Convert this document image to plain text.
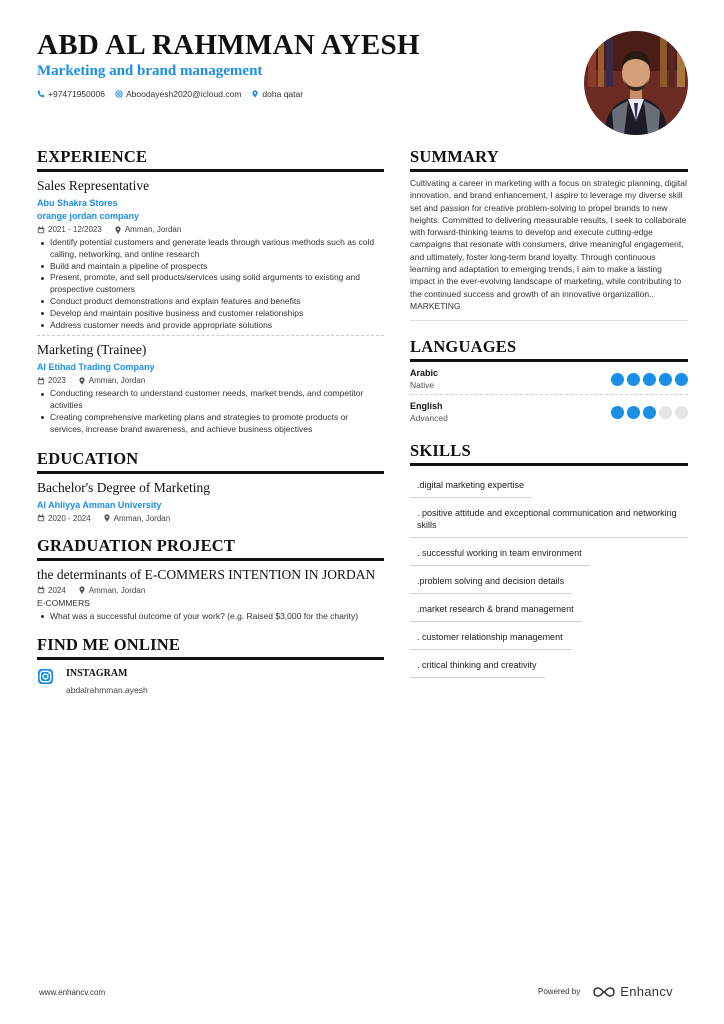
ABD AL RAHMMAN AYESH
Marketing and brand management
+97471950006 Aboodayesh2020@icloud.com doha qatar
EXPERIENCE
Sales Representative
Abu Shakra Stores
orange jordan company
2021 - 12/2023	Amman, Jordan
Identify potential customers and generate leads through various methods such as cold calling, networking, and online research
Build and maintain a pipeline of prospects
Present, promote, and sell products/services using solid arguments to existing and prospective customers
Conduct product demonstrations and explain features and benefits
Develop and maintain positive business and customer relationships
Address customer needs and provide appropriate solutions
Marketing (Trainee)
Al Etihad Trading Company
2023	Amman, Jordan
Conducting research to understand customer needs, market trends, and competitor activities
Creating comprehensive marketing plans and strategies to promote products or services, increase brand awareness, and achieve business objectives
EDUCATION
Bachelor's Degree of Marketing
Al Ahliyya Amman University
2020 - 2024	Amman, Jordan
GRADUATION PROJECT
the determinants of E-COMMERS INTENTION IN JORDAN
2024	Amman, Jordan
E-COMMERS
What was a successful outcome of your work? (e.g. Raised $3,000 for the charity)
FIND ME ONLINE
INSTAGRAM
abdalrahmman.ayesh
SUMMARY
Cultivating a career in marketing with a focus on strategic planning, digital innovation, and brand enhancement, I aspire to leverage my diverse skill set and passion for creative problem-solving to propel brands to new heights. Committed to delivering measurable results, I seek to collaborate with forward-thinking teams to develop and execute cutting-edge campaigns that resonate with consumers, drive meaningful engagement, and ultimately, foster long-term brand loyalty. Through continuous learning and adaptation to emerging trends, I aim to make a lasting impact in the ever-evolving landscape of marketing, while contributing to the continued success and growth of an innovative organization.. MARKETING
LANGUAGES
Arabic
Native
English
Advanced
SKILLS
.digital marketing expertise
. positive attitude and exceptional communication and networking skills
. successful working in team environment
.problem solving and decision details
.market research & brand management
. customer relationship management
. critical thinking and creativity
www.enhancv.com	Powered by	Enhancv
